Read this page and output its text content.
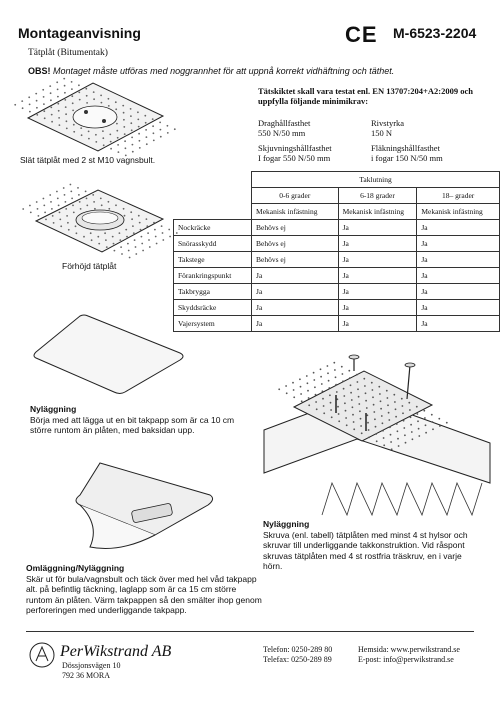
Montageanvisning	CE M-6523-2204
Tätplåt (Bitumentak)
OBS! Montaget måste utföras med noggrannhet för att uppnå korrekt vidhäftning och täthet.
Slät tätplåt med 2 st M10 vagnsbult.
Förhöjd tätplåt
Tätskiktet skall vara testat enl. EN 13707:204+A2:2009 och uppfylla följande minimikrav:
Draghållfasthet
550 N/50 mm
Rivstyrka
150 N
Skjuvningshållfasthet
I fogar 550 N/50 mm
Fläkningshållfasthet
i fogar 150 N/50 mm
	Taklutning		
	0-6 grader	6-18 grader	18– grader
	Mekanisk infästning	Mekanisk infästning	Mekanisk infästning
Nockräcke	Behövs ej	Ja	Ja
Snörasskydd	Behövs ej	Ja	Ja
Takstege	Behövs ej	Ja	Ja
Förankringspunkt	Ja	Ja	Ja
Takbrygga	Ja	Ja	Ja
Skyddsräcke	Ja	Ja	Ja
Vajersystem	Ja	Ja	Ja
Nyläggning
Börja med att lägga ut en bit takpapp som är ca 10 cm större runtom än plåten, med baksidan upp.
Nyläggning
Skruva (enl. tabell) tätplåten med minst 4 st hylsor och skruvar till underliggande takkonstruktion. Vid råspont skruvas tätplåten med 4 st rostfria träskruv, en i varje hörn.
Omläggning/Nyläggning
Skär ut för bula/vagnsbult och täck över med hel våd takpapp alt. på befintlig täckning, laglapp som är ca 15 cm större runtom än plåten. Värm takpappen så den smälter ihop genom perforeringen med underliggande takpapp.
PerWikstrand AB
Dössjonsvägen 10
792 36 MORA
Telefon: 0250-289 80
Telefax: 0250-289 89
Hemsida: www.perwikstrand.se
E-post: info@perwikstrand.se
